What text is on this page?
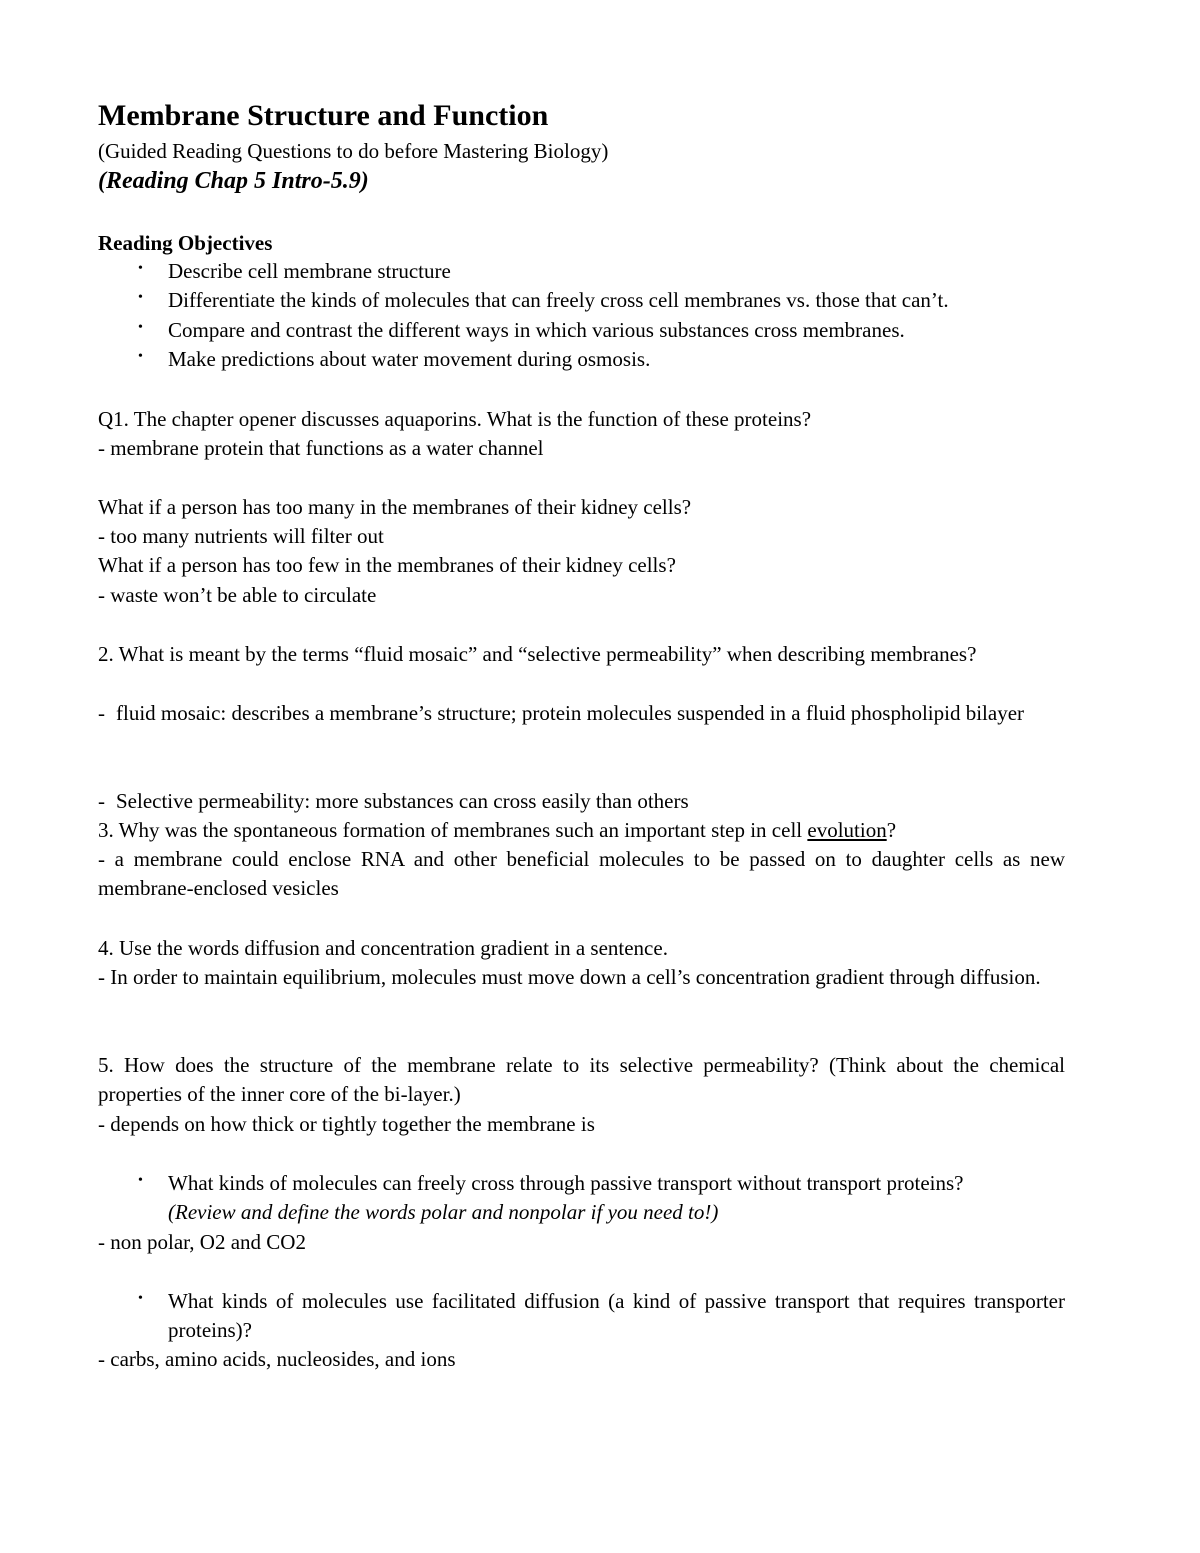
Membrane Structure and Function
(Guided Reading Questions to do before Mastering Biology)
(Reading Chap 5 Intro-5.9)
Reading Objectives
• Describe cell membrane structure
• Differentiate the kinds of molecules that can freely cross cell membranes vs. those that can’t.
• Compare and contrast the different ways in which various substances cross membranes.
• Make predictions about water movement during osmosis.
Q1. The chapter opener discusses aquaporins. What is the function of these proteins?
- membrane protein that functions as a water channel
What if a person has too many in the membranes of their kidney cells?
- too many nutrients will filter out
What if a person has too few in the membranes of their kidney cells?
- waste won’t be able to circulate
2. What is meant by the terms “fluid mosaic” and “selective permeability” when describing membranes?
- fluid mosaic: describes a membrane’s structure; protein molecules suspended in a fluid phospholipid bilayer
- Selective permeability: more substances can cross easily than others
3. Why was the spontaneous formation of membranes such an important step in cell evolution?
- a membrane could enclose RNA and other beneficial molecules to be passed on to daughter cells as new membrane-enclosed vesicles
4. Use the words diffusion and concentration gradient in a sentence.
- In order to maintain equilibrium, molecules must move down a cell’s concentration gradient through diffusion.
5. How does the structure of the membrane relate to its selective permeability? (Think about the chemical properties of the inner core of the bi-layer.)
- depends on how thick or tightly together the membrane is
• What kinds of molecules can freely cross through passive transport without transport proteins?
(Review and define the words polar and nonpolar if you need to!)
- non polar, O2 and CO2
• What kinds of molecules use facilitated diffusion (a kind of passive transport that requires transporter proteins)?
- carbs, amino acids, nucleosides, and ions
